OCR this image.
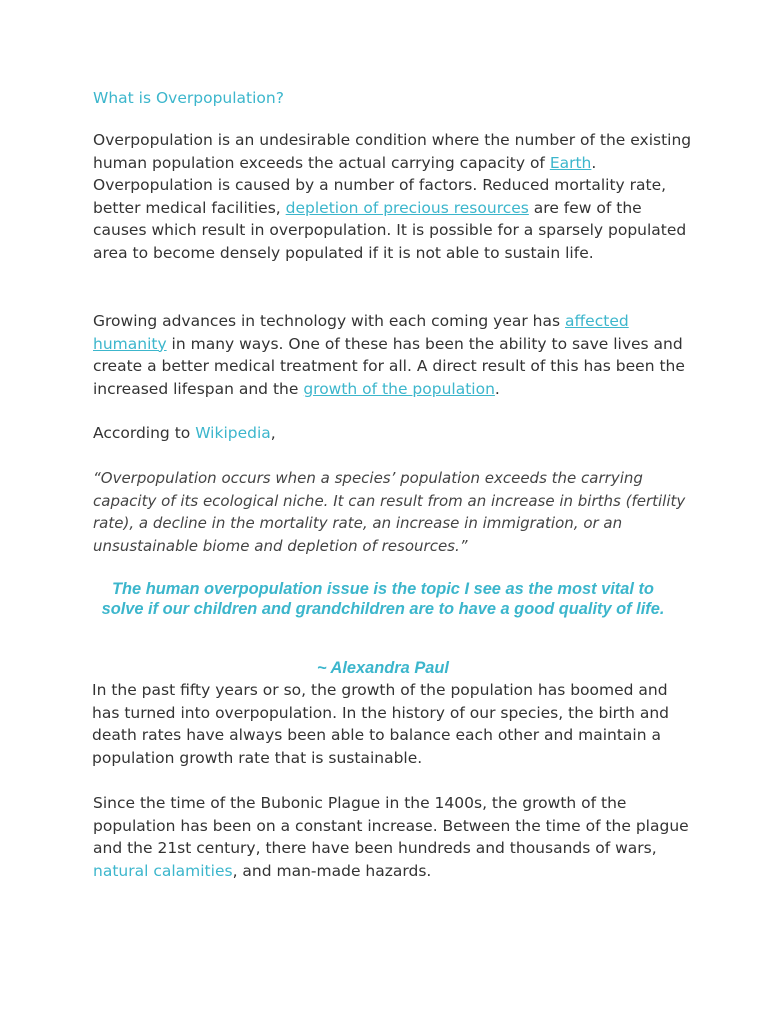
What is Overpopulation?

Overpopulation is an undesirable condition where the number of the existing human population exceeds the actual carrying capacity of Earth. Overpopulation is caused by a number of factors. Reduced mortality rate, better medical facilities, depletion of precious resources are few of the causes which result in overpopulation. It is possible for a sparsely populated area to become densely populated if it is not able to sustain life.

Growing advances in technology with each coming year has affected humanity in many ways. One of these has been the ability to save lives and create a better medical treatment for all. A direct result of this has been the increased lifespan and the growth of the population.

According to Wikipedia,

“Overpopulation occurs when a species’ population exceeds the carrying capacity of its ecological niche. It can result from an increase in births (fertility rate), a decline in the mortality rate, an increase in immigration, or an unsustainable biome and depletion of resources.”

The human overpopulation issue is the topic I see as the most vital to solve if our children and grandchildren are to have a good quality of life.

~ Alexandra Paul

In the past fifty years or so, the growth of the population has boomed and has turned into overpopulation. In the history of our species, the birth and death rates have always been able to balance each other and maintain a population growth rate that is sustainable.

Since the time of the Bubonic Plague in the 1400s, the growth of the population has been on a constant increase. Between the time of the plague and the 21st century, there have been hundreds and thousands of wars, natural calamities, and man-made hazards.
